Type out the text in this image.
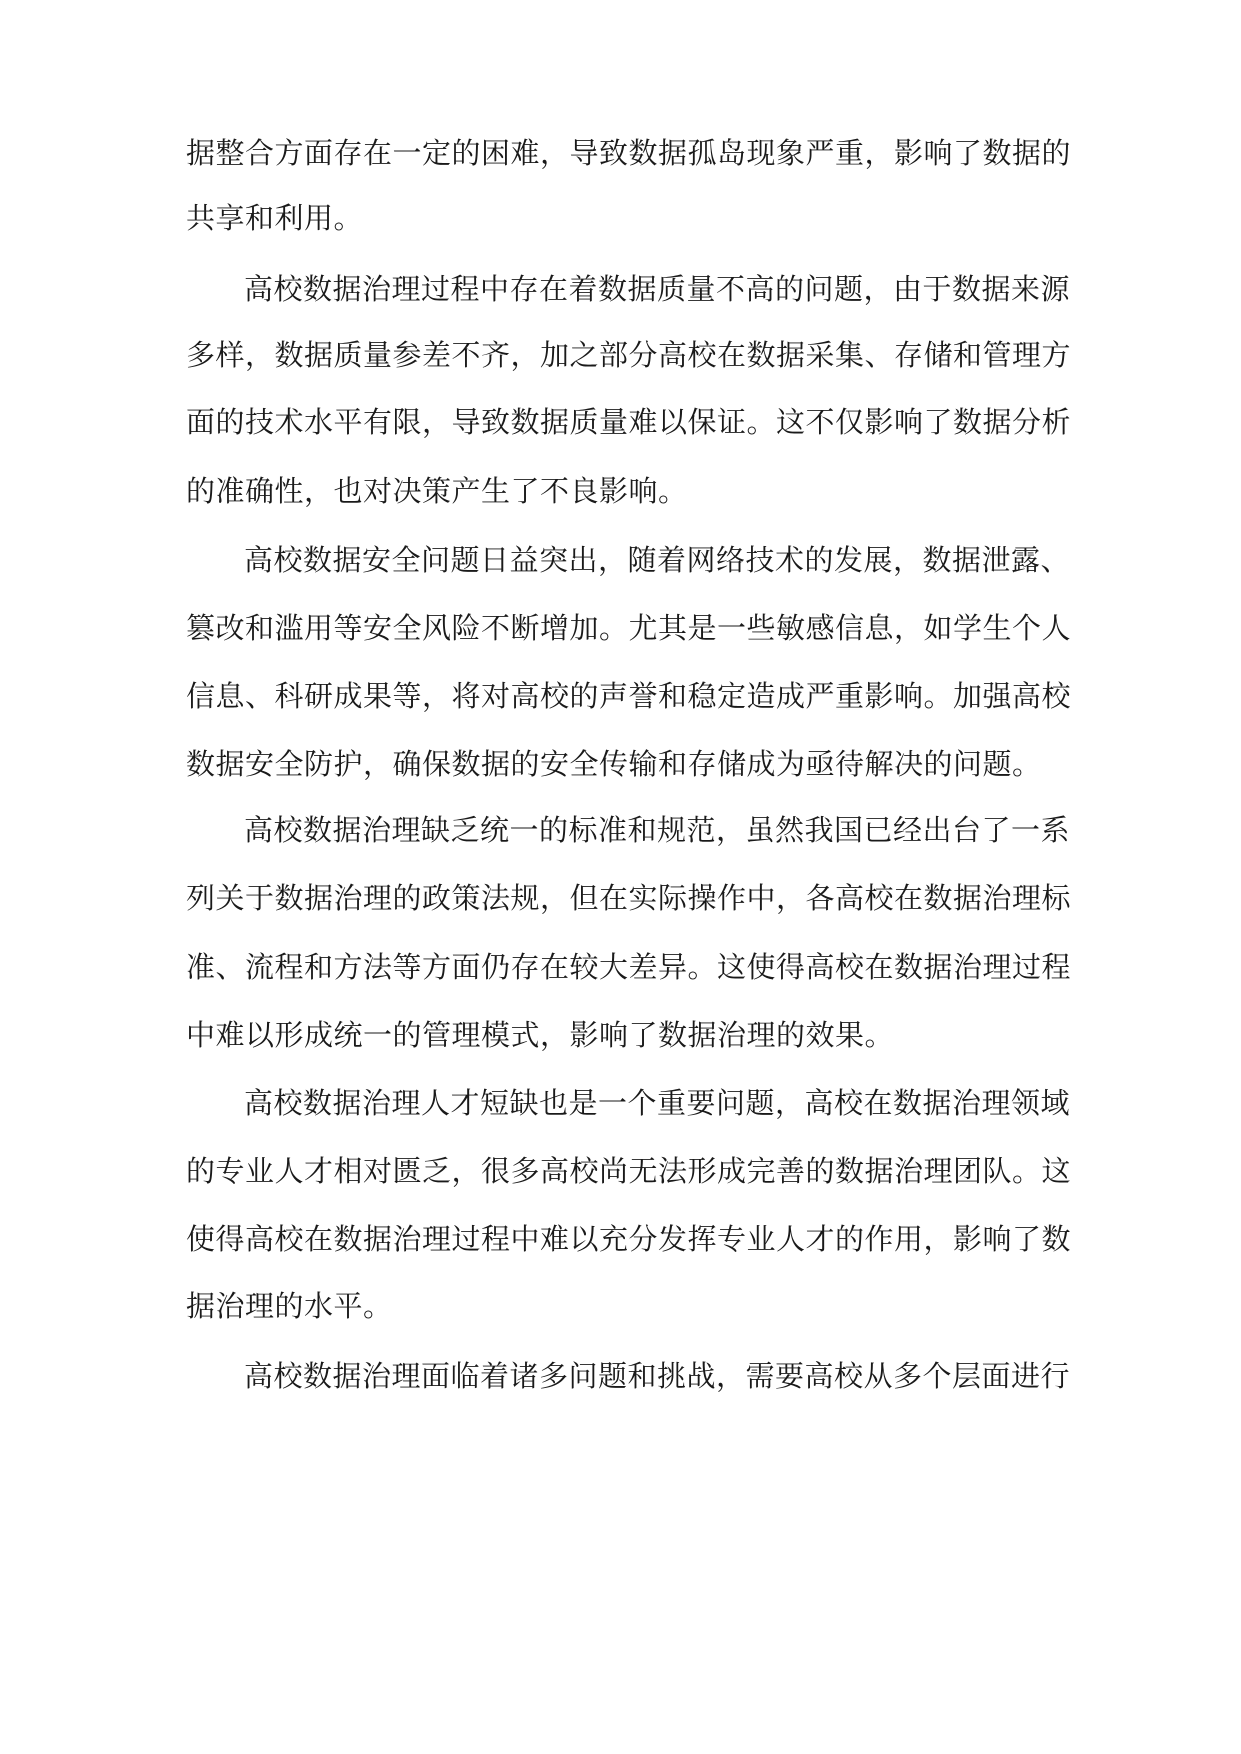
据整合方面存在一定的困难，导致数据孤岛现象严重，影响了数据的
共享和利用。
高校数据治理过程中存在着数据质量不高的问题，由于数据来源
多样，数据质量参差不齐，加之部分高校在数据采集、存储和管理方
面的技术水平有限，导致数据质量难以保证。这不仅影响了数据分析
的准确性，也对决策产生了不良影响。
高校数据安全问题日益突出，随着网络技术的发展，数据泄露、
篡改和滥用等安全风险不断增加。尤其是一些敏感信息，如学生个人
信息、科研成果等，将对高校的声誉和稳定造成严重影响。加强高校
数据安全防护，确保数据的安全传输和存储成为亟待解决的问题。
高校数据治理缺乏统一的标准和规范，虽然我国已经出台了一系
列关于数据治理的政策法规，但在实际操作中，各高校在数据治理标
准、流程和方法等方面仍存在较大差异。这使得高校在数据治理过程
中难以形成统一的管理模式，影响了数据治理的效果。
高校数据治理人才短缺也是一个重要问题，高校在数据治理领域
的专业人才相对匮乏，很多高校尚无法形成完善的数据治理团队。这
使得高校在数据治理过程中难以充分发挥专业人才的作用，影响了数
据治理的水平。
高校数据治理面临着诸多问题和挑战，需要高校从多个层面进行
